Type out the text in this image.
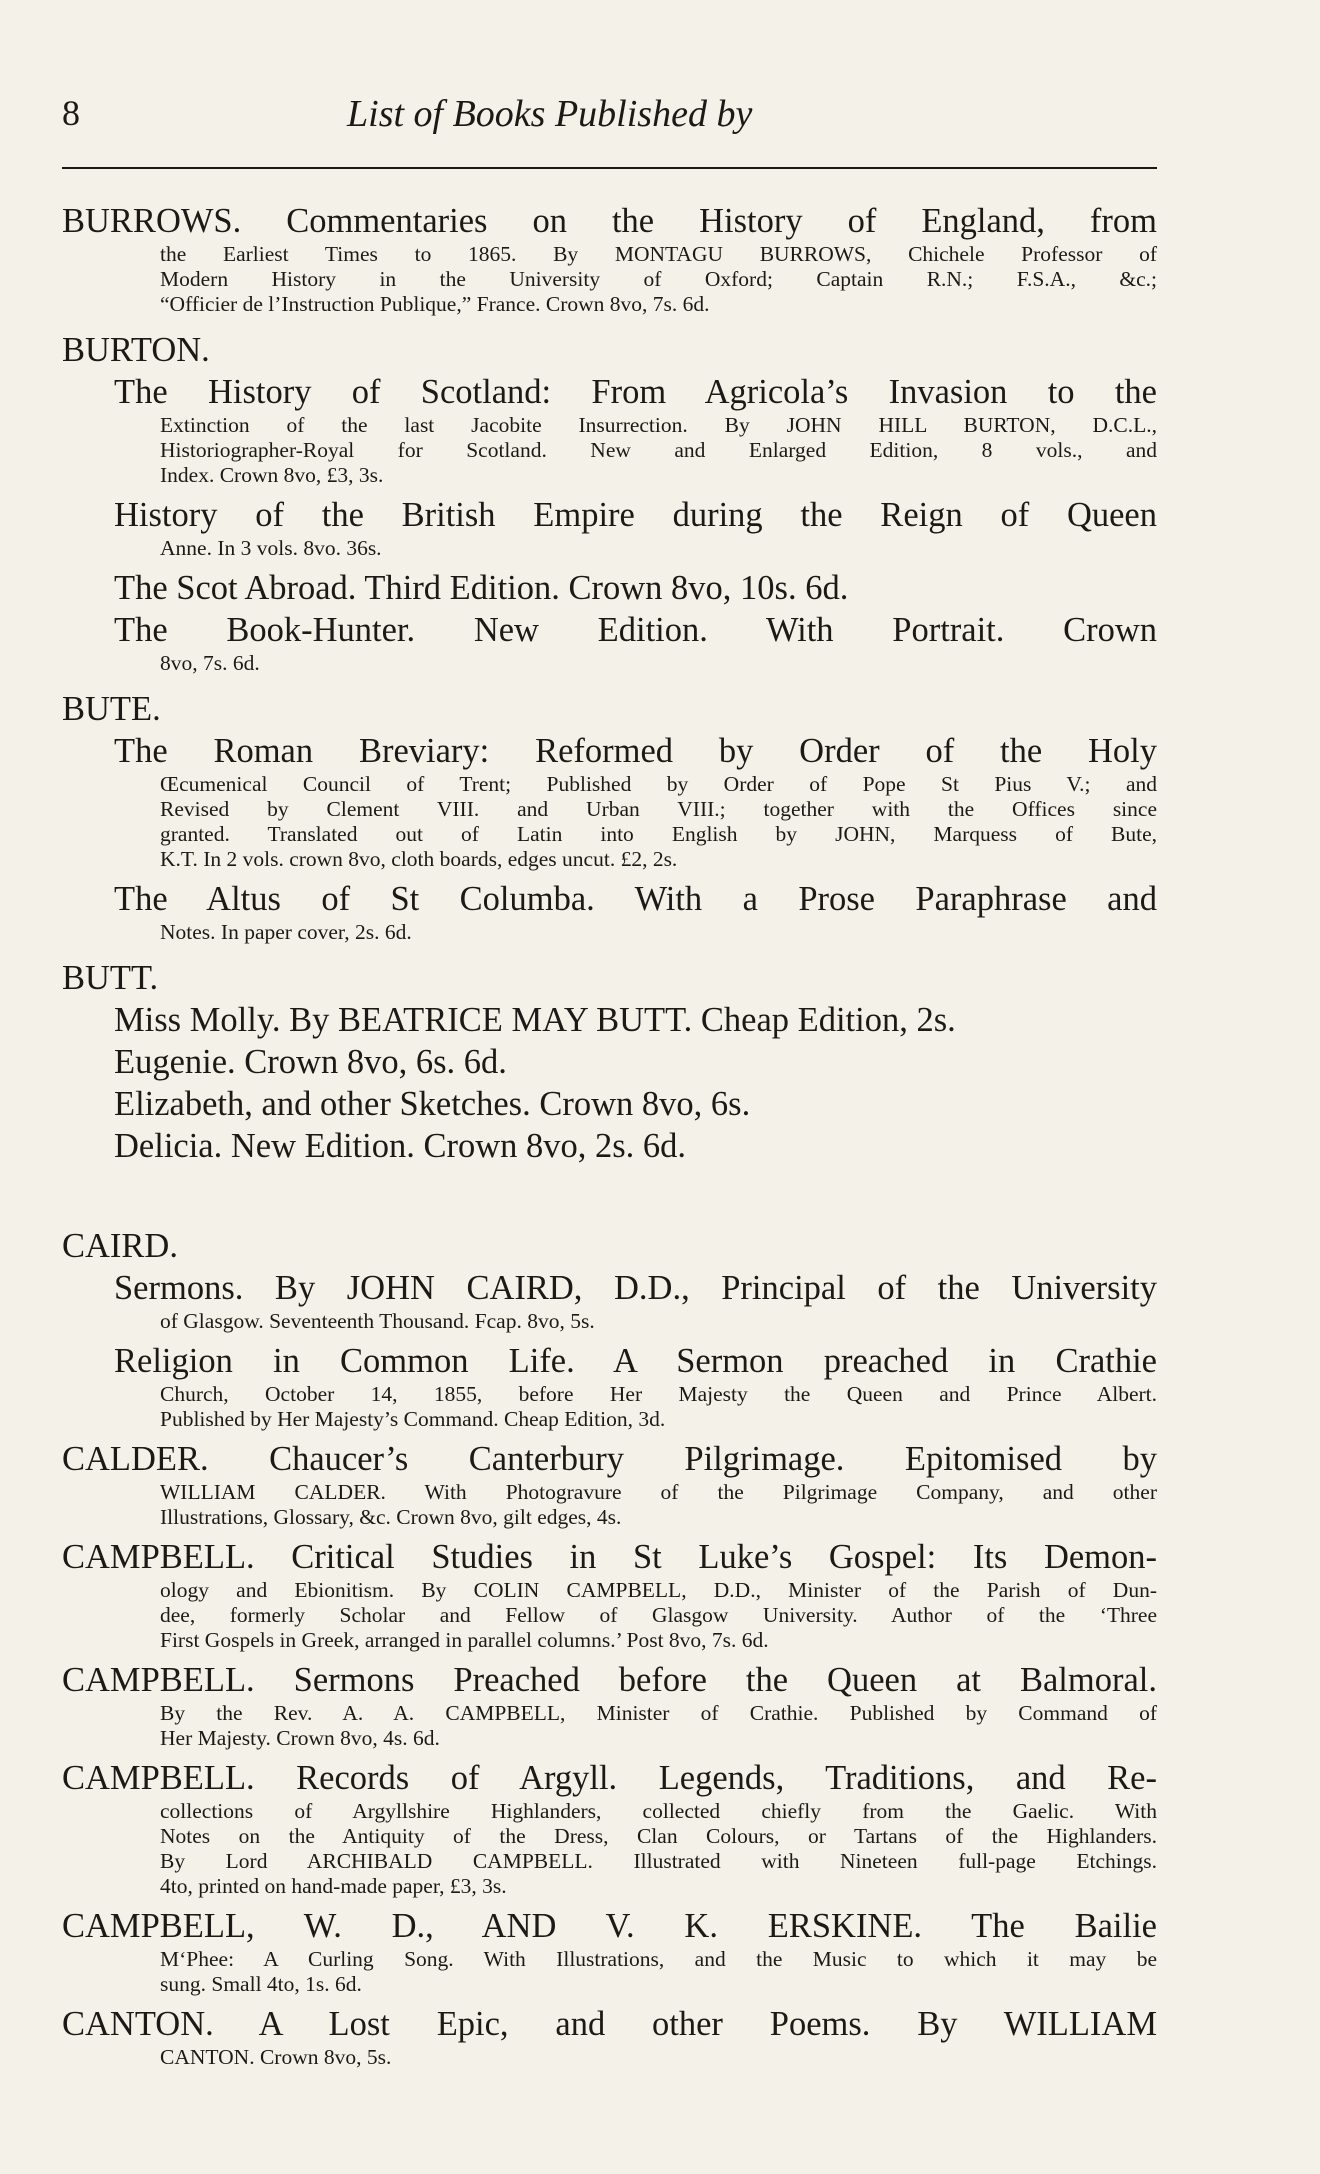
8	List of Books Published by
BURROWS. Commentaries on the History of England, from
the Earliest Times to 1865. By MONTAGU BURROWS, Chichele Professor of
Modern History in the University of Oxford; Captain R.N.; F.S.A., &c.;
“Officier de l’Instruction Publique,” France. Crown 8vo, 7s. 6d.
BURTON.
The History of Scotland: From Agricola’s Invasion to the
Extinction of the last Jacobite Insurrection. By JOHN HILL BURTON, D.C.L.,
Historiographer-Royal for Scotland. New and Enlarged Edition, 8 vols., and
Index. Crown 8vo, £3, 3s.
History of the British Empire during the Reign of Queen
Anne. In 3 vols. 8vo. 36s.
The Scot Abroad. Third Edition. Crown 8vo, 10s. 6d.
The Book-Hunter. New Edition. With Portrait. Crown
8vo, 7s. 6d.
BUTE.
The Roman Breviary: Reformed by Order of the Holy
Œcumenical Council of Trent; Published by Order of Pope St Pius V.; and
Revised by Clement VIII. and Urban VIII.; together with the Offices since
granted. Translated out of Latin into English by JOHN, Marquess of Bute,
K.T. In 2 vols. crown 8vo, cloth boards, edges uncut. £2, 2s.
The Altus of St Columba. With a Prose Paraphrase and
Notes. In paper cover, 2s. 6d.
BUTT.
Miss Molly. By BEATRICE MAY BUTT. Cheap Edition, 2s.
Eugenie. Crown 8vo, 6s. 6d.
Elizabeth, and other Sketches. Crown 8vo, 6s.
Delicia. New Edition. Crown 8vo, 2s. 6d.
CAIRD.
Sermons. By JOHN CAIRD, D.D., Principal of the University
of Glasgow. Seventeenth Thousand. Fcap. 8vo, 5s.
Religion in Common Life. A Sermon preached in Crathie
Church, October 14, 1855, before Her Majesty the Queen and Prince Albert.
Published by Her Majesty’s Command. Cheap Edition, 3d.
CALDER. Chaucer’s Canterbury Pilgrimage. Epitomised by
WILLIAM CALDER. With Photogravure of the Pilgrimage Company, and other
Illustrations, Glossary, &c. Crown 8vo, gilt edges, 4s.
CAMPBELL. Critical Studies in St Luke’s Gospel: Its Demon-
ology and Ebionitism. By COLIN CAMPBELL, D.D., Minister of the Parish of Dun-
dee, formerly Scholar and Fellow of Glasgow University. Author of the ‘Three
First Gospels in Greek, arranged in parallel columns.’ Post 8vo, 7s. 6d.
CAMPBELL. Sermons Preached before the Queen at Balmoral.
By the Rev. A. A. CAMPBELL, Minister of Crathie. Published by Command of
Her Majesty. Crown 8vo, 4s. 6d.
CAMPBELL. Records of Argyll. Legends, Traditions, and Re-
collections of Argyllshire Highlanders, collected chiefly from the Gaelic. With
Notes on the Antiquity of the Dress, Clan Colours, or Tartans of the Highlanders.
By Lord ARCHIBALD CAMPBELL. Illustrated with Nineteen full-page Etchings.
4to, printed on hand-made paper, £3, 3s.
CAMPBELL, W. D., AND V. K. ERSKINE. The Bailie
M‘Phee: A Curling Song. With Illustrations, and the Music to which it may be
sung. Small 4to, 1s. 6d.
CANTON. A Lost Epic, and other Poems. By WILLIAM
CANTON. Crown 8vo, 5s.
